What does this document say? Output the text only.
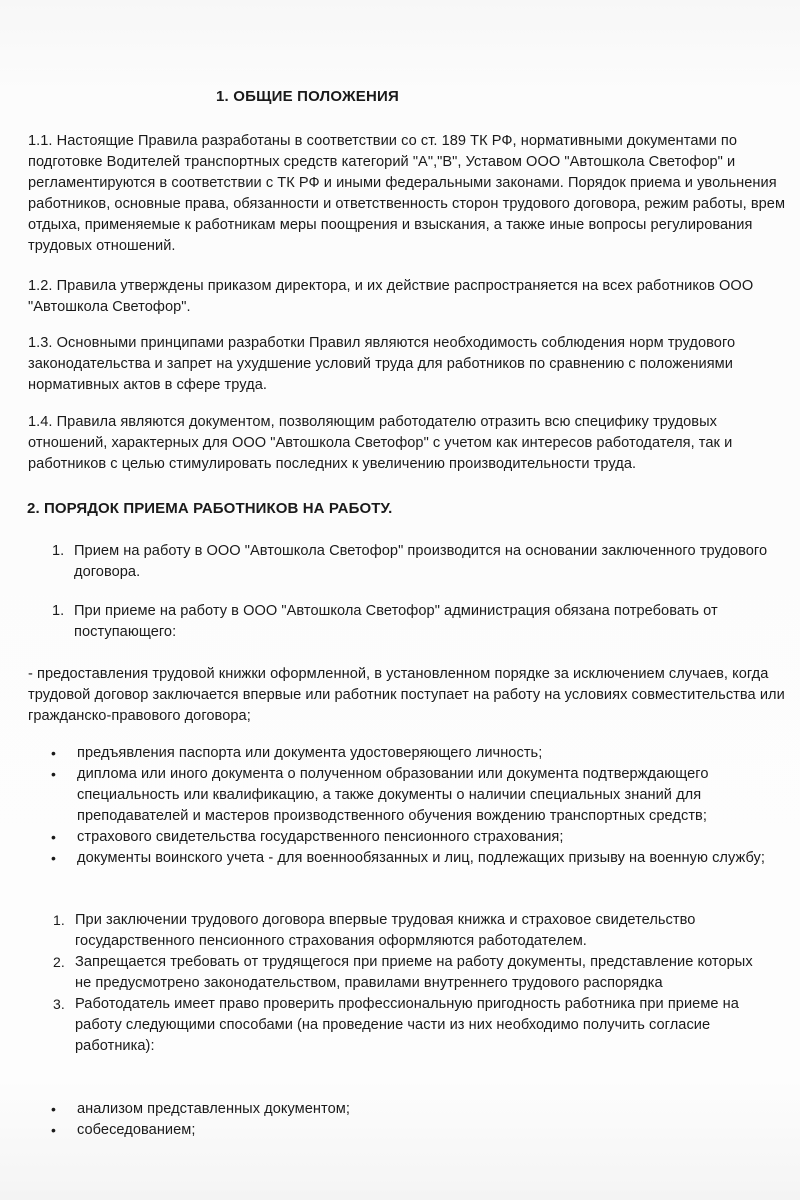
1. ОБЩИЕ ПОЛОЖЕНИЯ

1.1. Настоящие Правила разработаны в соответствии со ст. 189 ТК РФ, нормативными документами по подготовке Водителей транспортных средств категорий "А","В", Уставом ООО "Автошкола Светофор" и регламентируются в соответствии с ТК РФ и иными федеральными законами. Порядок приема и увольнения работников, основные права, обязанности и ответственность сторон трудового договора, режим работы, врем отдыха, применяемые к работникам меры поощрения и взыскания, а также иные вопросы регулирования трудовых отношений.

1.2. Правила утверждены приказом директора, и их действие распространяется на всех работников ООО "Автошкола Светофор".

1.3. Основными принципами разработки Правил являются необходимость соблюдения норм трудового законодательства и запрет на ухудшение условий труда для работников по сравнению с положениями нормативных актов в сфере труда.

1.4. Правила являются документом, позволяющим работодателю отразить всю специфику трудовых отношений, характерных для ООО "Автошкола Светофор" с учетом как интересов работодателя, так и работников с целью стимулировать последних к увеличению производительности труда.

2. ПОРЯДОК ПРИЕМА РАБОТНИКОВ НА РАБОТУ.
1. Прием на работу в ООО "Автошкола Светофор" производится на основании заключенного трудового договора.
1. При приеме на работу в ООО "Автошкола Светофор" администрация обязана потребовать от поступающего:

- предоставления трудовой книжки оформленной, в установленном порядке за исключением случаев, когда трудовой договор заключается впервые или работник поступает на работу на условиях совместительства или гражданско-правового договора;

•	предъявления паспорта или документа удостоверяющего личность;
•	диплома или иного документа о полученном образовании или документа подтверждающего специальность или квалификацию, а также документы о наличии специальных знаний для преподавателей и мастеров производственного обучения вождению транспортных средств;
•	страхового свидетельства государственного пенсионного страхования;
•	документы воинского учета - для военнообязанных и лиц, подлежащих призыву на военную службу;
1. При заключении трудового договора впервые трудовая книжка и страховое свидетельство государственного пенсионного страхования оформляются работодателем.
2. Запрещается требовать от трудящегося при приеме на работу документы, представление которых не предусмотрено законодательством, правилами внутреннего трудового распорядка
3. Работодатель имеет право проверить профессиональную пригодность работника при приеме на работу следующими способами (на проведение части из них необходимо получить согласие работника):
•	анализом представленных документом;
•	собеседованием;
